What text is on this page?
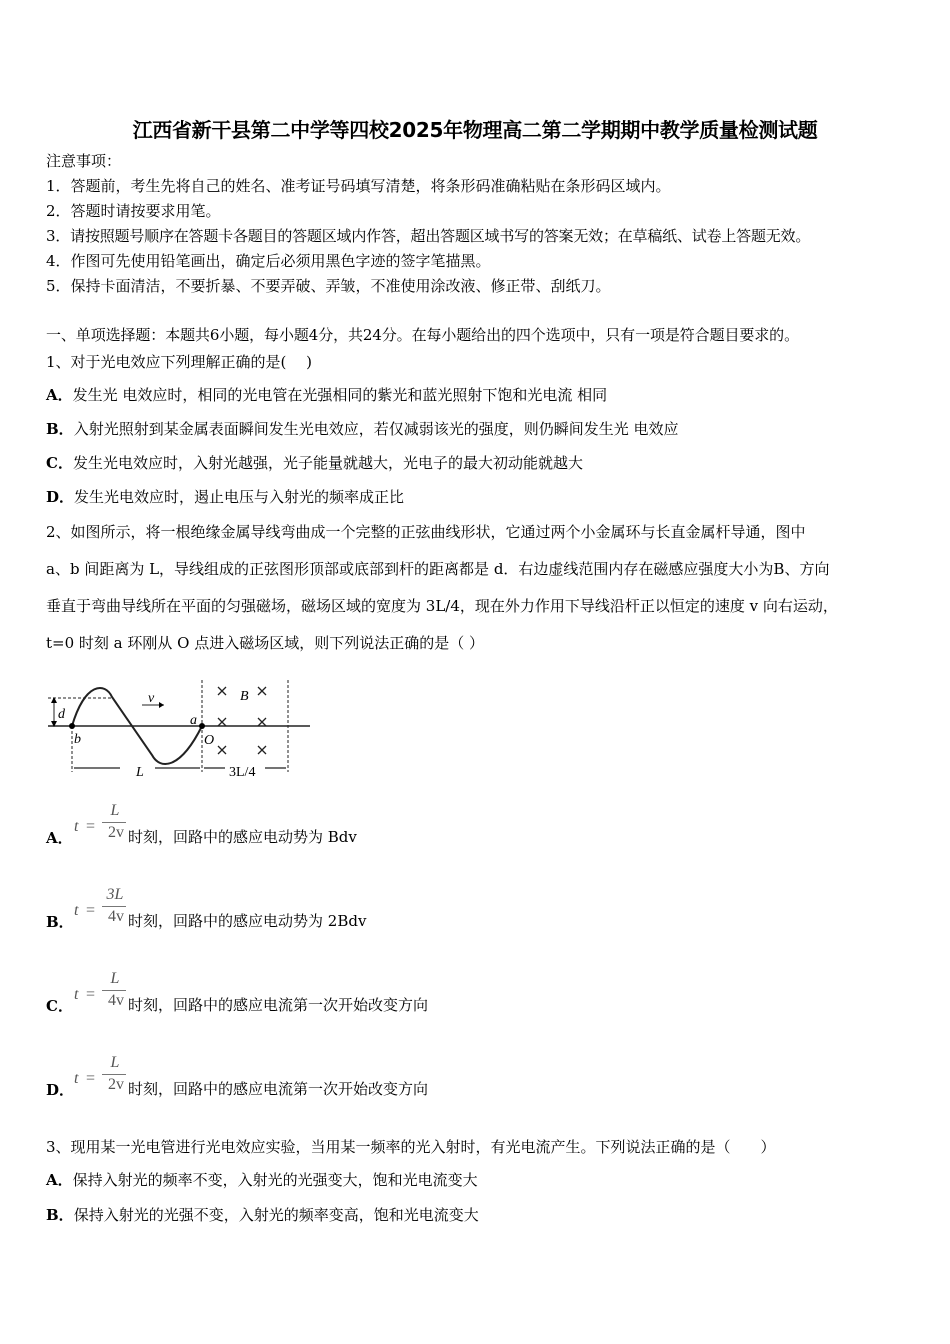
江西省新干县第二中学等四校2025年物理高二第二学期期中教学质量检测试题
注意事项：
1．答题前，考生先将自己的姓名、准考证号码填写清楚，将条形码准确粘贴在条形码区域内。
2．答题时请按要求用笔。
3．请按照题号顺序在答题卡各题目的答题区域内作答，超出答题区域书写的答案无效；在草稿纸、试卷上答题无效。
4．作图可先使用铅笔画出，确定后必须用黑色字迹的签字笔描黑。
5．保持卡面清洁，不要折暴、不要弄破、弄皱，不准使用涂改液、修正带、刮纸刀。
一、单项选择题：本题共6小题，每小题4分，共24分。在每小题给出的四个选项中，只有一项是符合题目要求的。
1、对于光电效应下列理解正确的是(　 )
A．发生光 电效应时，相同的光电管在光强相同的紫光和蓝光照射下饱和光电流 相同
B．入射光照射到某金属表面瞬间发生光电效应，若仅减弱该光的强度，则仍瞬间发生光 电效应
C．发生光电效应时，入射光越强，光子能量就越大，光电子的最大初动能就越大
D．发生光电效应时，遏止电压与入射光的频率成正比
2、如图所示，将一根绝缘金属导线弯曲成一个完整的正弦曲线形状，它通过两个小金属环与长直金属杆导通，图中
a、b 间距离为 L，导线组成的正弦图形顶部或底部到杆的距离都是 d．右边虚线范围内存在磁感应强度大小为B、方向
垂直于弯曲导线所在平面的匀强磁场，磁场区域的宽度为 3L/4，现在外力作用下导线沿杆正以恒定的速度 v 向右运动，
t=0 时刻 a 环刚从 O 点进入磁场区域，则下列说法正确的是（ ）
d
b
v
a
O
B
L	3L/4
t =
L
2v
A．	时刻，回路中的感应电动势为 Bdv
t =
3L
4v
B．	时刻，回路中的感应电动势为 2Bdv
t =
L
4v
C．	时刻，回路中的感应电流第一次开始改变方向
t =
L
2v
D．	时刻，回路中的感应电流第一次开始改变方向
3、现用某一光电管进行光电效应实验，当用某一频率的光入射时，有光电流产生。下列说法正确的是（　　）
A．保持入射光的频率不变，入射光的光强变大，饱和光电流变大
B．保持入射光的光强不变，入射光的频率变高，饱和光电流变大
